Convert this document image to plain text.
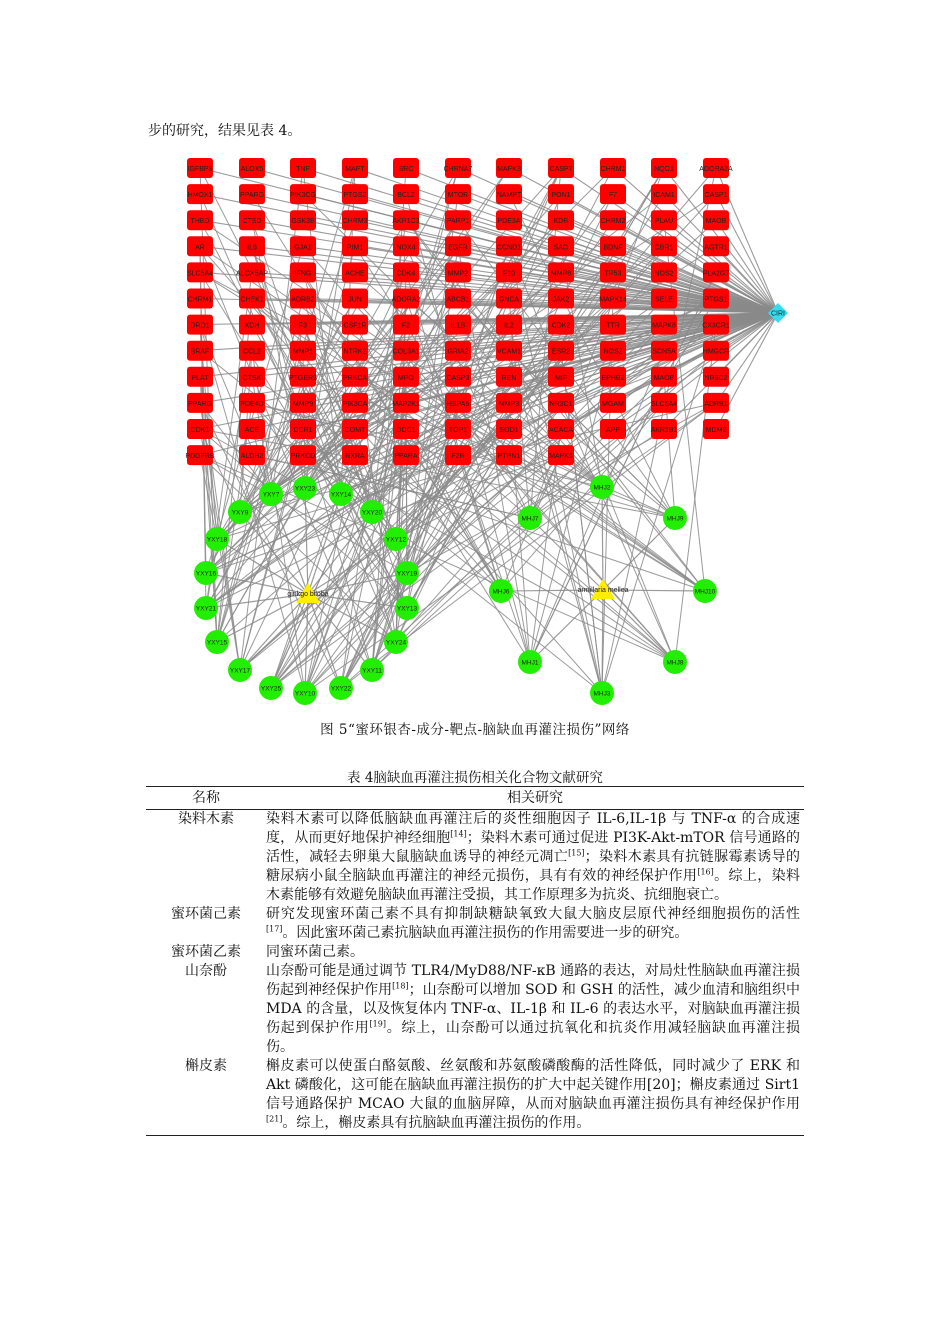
步的研究，结果见表 4。
IGFBP3
HMOX1
THBD
AR
SLC6A4
CHRM1
DRD1
BRAF
PLAT
PPARG
CDK1
PDGFRB
ALOX5
PPARG
CTSD
IL6
ALOX5AP
CHEK1
XDH
CCL2
CTSK
PDE4D
ACE
ALDH2
TNF
PIK3CG
GSK3B
GJA1
IFNG
ADRB2
F3
MMP1
PTGER3
MMP9
CCR1
PRKCD
MAPT
PTGS2
CHRM3
PIM1
ACHE
JUN
CSF1R
NTRK2
PRKCA
PIK3CA
COMT
RXRA
SRC
BCL2
AKR1C3
NOX4
CDK4
ADORA2
F2
COL3A1
MPO
MAP2K1
DDC1
PPARA
CHRNA7
MTOR
PARP1
EGFR
MMP2
ABCB1
IL1B
GRIA2
CASP3
HSPA5
TOP1
F2R
MAPK3
NAMPT
PDE3A
CCND1
F10
GNCA
IL2
VCAM1
REN
MMP3
SOD1
PTPN1
CASP7
PON1
KDR
SAO
MMP8
JAK2
CDK2
ESR2
MIF
NR3C1
ACACA
MAPK1
CHRM1
F7
CHRM2
BDNF
TP53
MAPK14
TTR
NOS2
EPHB2
MGAM
APP
NQO1
ICAM1
PLAU
CBR1
NOS2
SELE
MAPK8
SCN5A
MAOB
SLC6A4
AKR1B1
ADORA2A
CASP1
MAOB
AGTR1
PLA2G7
PTGS1
CX3CR1
HMGCR
NR3C2
ADRB1
MDM2
YXY23
YXY7	YXY14
YXY9	YXY20
YXY18	YXY12
YXY16	YXY19
YXY21	YXY13
YXY15	YXY24
YXY17	YXY11
YXY25	YXY22
YXY10
MHJ2
MHJ7	MHJ9
MHJ6	MHJ10
MHJ1	MHJ8
MHJ3
ginkgo biloba
armillaria mellea
CIRI
图 5“蜜环银杏-成分-靶点-脑缺血再灌注损伤”网络
表 4脑缺血再灌注损伤相关化合物文献研究
名称	相关研究
染料木素	染料木素可以降低脑缺血再灌注后的炎性细胞因子 IL-6,IL-1β 与 TNF-α 的合成速度，从而更好地保护神经细胞[14]；染料木素可通过促进 PI3K-Akt-mTOR 信号通路的活性，减轻去卵巢大鼠脑缺血诱导的神经元凋亡[15]；染料木素具有抗链脲霉素诱导的糖尿病小鼠全脑缺血再灌注的神经元损伤，具有有效的神经保护作用[16]。综上，染料木素能够有效避免脑缺血再灌注受损，其工作原理多为抗炎、抗细胞衰亡。
蜜环菌己素	研究发现蜜环菌己素不具有抑制缺糖缺氧致大鼠大脑皮层原代神经细胞损伤的活性[17]。因此蜜环菌己素抗脑缺血再灌注损伤的作用需要进一步的研究。
蜜环菌乙素	同蜜环菌己素。
山奈酚	山奈酚可能是通过调节 TLR4/MyD88/NF-κB 通路的表达，对局灶性脑缺血再灌注损伤起到神经保护作用[18]；山奈酚可以增加 SOD 和 GSH 的活性，减少血清和脑组织中 MDA 的含量，以及恢复体内 TNF-α、IL-1β 和 IL-6 的表达水平，对脑缺血再灌注损伤起到保护作用[19]。综上，山奈酚可以通过抗氧化和抗炎作用减轻脑缺血再灌注损伤。
槲皮素	槲皮素可以使蛋白酪氨酸、丝氨酸和苏氨酸磷酸酶的活性降低，同时减少了 ERK 和 Akt 磷酸化，这可能在脑缺血再灌注损伤的扩大中起关键作用[20]；槲皮素通过 Sirt1 信号通路保护 MCAO 大鼠的血脑屏障，从而对脑缺血再灌注损伤具有神经保护作用[21]。综上，槲皮素具有抗脑缺血再灌注损伤的作用。
